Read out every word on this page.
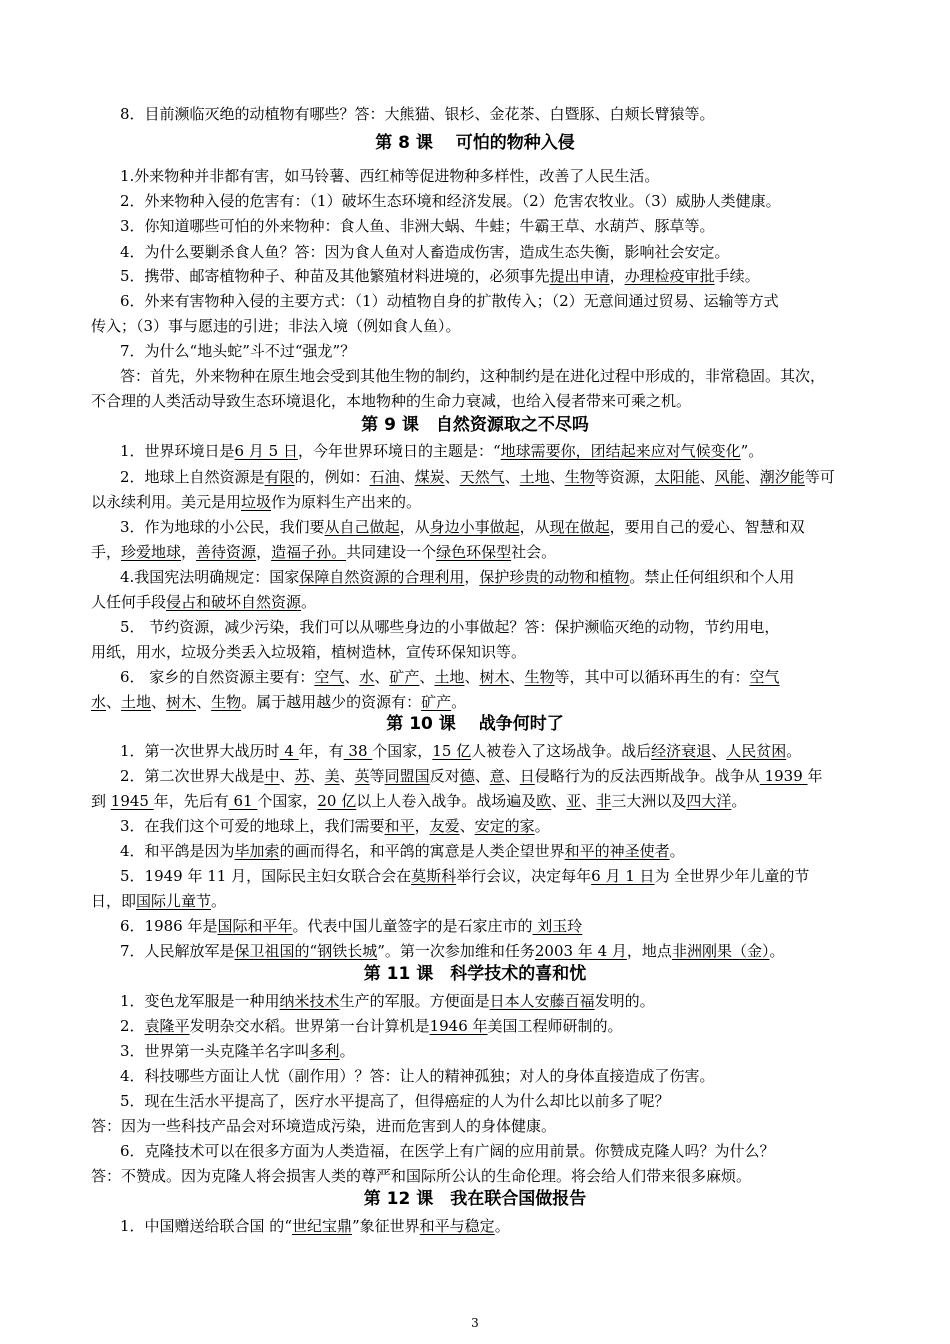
8．目前濒临灭绝的动植物有哪些？答：大熊猫、银杉、金花茶、白暨豚、白颊长臂猿等。
第 8 课　 可怕的物种入侵
1.外来物种并非都有害，如马铃薯、西红柿等促进物种多样性，改善了人民生活。
2．外来物种入侵的危害有：（1）破坏生态环境和经济发展。（2）危害农牧业。（3）威胁人类健康。
3．你知道哪些可怕的外来物种：食人鱼、非洲大蜗、牛蛙；牛霸王草、水葫芦、豚草等。
4．为什么要剿杀食人鱼？答：因为食人鱼对人畜造成伤害，造成生态失衡，影响社会安定。
5．携带、邮寄植物种子、种苗及其他繁殖材料进境的，必须事先提出申请，办理检疫审批手续。
6．外来有害物种入侵的主要方式：（1）动植物自身的扩散传入；（2）无意间通过贸易、运输等方式
传入；（3）事与愿违的引进；非法入境（例如食人鱼）。
7．为什么“地头蛇”斗不过“强龙”？
答：首先，外来物种在原生地会受到其他生物的制约，这种制约是在进化过程中形成的，非常稳固。其次，
不合理的人类活动导致生态环境退化，本地物种的生命力衰减，也给入侵者带来可乘之机。
第 9 课　自然资源取之不尽吗
1．世界环境日是6 月 5 日，今年世界环境日的主题是：“地球需要你，团结起来应对气候变化”。
2．地球上自然资源是有限的，例如：石油、煤炭、天然气、土地、生物等资源，太阳能、风能、潮汐能等可
以永续利用。美元是用垃圾作为原料生产出来的。
3．作为地球的小公民，我们要从自己做起，从身边小事做起，从现在做起，要用自己的爱心、智慧和双
手，珍爱地球，善待资源，造福子孙。共同建设一个绿色环保型社会。
4.我国宪法明确规定：国家保障自然资源的合理利用，保护珍贵的动物和植物。禁止任何组织和个人用
人任何手段侵占和破坏自然资源。
5． 节约资源，减少污染，我们可以从哪些身边的小事做起？答：保护濒临灭绝的动物，节约用电，
用纸，用水，垃圾分类丢入垃圾箱，植树造林，宣传环保知识等。
6． 家乡的自然资源主要有：空气、水、矿产、土地、树木、生物等，其中可以循环再生的有：空气
水、土地、树木、生物。属于越用越少的资源有：矿产。
第 10 课　 战争何时了
1．第一次世界大战历时 4 年，有 38 个国家，15 亿人被卷入了这场战争。战后经济衰退、人民贫困。
2．第二次世界大战是中、苏、美、英等同盟国反对德、意、日侵略行为的反法西斯战争。战争从 1939 年
到 1945 年，先后有 61 个国家，20 亿以上人卷入战争。战场遍及欧、亚、非三大洲以及四大洋。
3．在我们这个可爱的地球上，我们需要和平，友爱、安定的家。
4．和平鸽是因为毕加索的画而得名，和平鸽的寓意是人类企望世界和平的神圣使者。
5．1949 年 11 月，国际民主妇女联合会在莫斯科举行会议，决定每年6 月 1 日为 全世界少年儿童的节
日，即国际儿童节。
6．1986 年是国际和平年。代表中国儿童签字的是石家庄市的 刘玉玲
7．人民解放军是保卫祖国的“钢铁长城”。第一次参加维和任务2003 年 4 月，地点非洲刚果（金）。
第 11 课　科学技术的喜和忧
1．变色龙军服是一种用纳米技术生产的军服。方便面是日本人安藤百福发明的。
2．袁隆平发明杂交水稻。世界第一台计算机是1946 年美国工程师研制的。
3．世界第一头克隆羊名字叫多利。
4．科技哪些方面让人忧（副作用）？答：让人的精神孤独；对人的身体直接造成了伤害。
5．现在生活水平提高了，医疗水平提高了，但得癌症的人为什么却比以前多了呢？
答：因为一些科技产品会对环境造成污染，进而危害到人的身体健康。
6．克隆技术可以在很多方面为人类造福，在医学上有广阔的应用前景。你赞成克隆人吗？为什么？
答：不赞成。因为克隆人将会损害人类的尊严和国际所公认的生命伦理。将会给人们带来很多麻烦。
第 12 课　我在联合国做报告
1．中国赠送给联合国 的“世纪宝鼎”象征世界和平与稳定。
3
